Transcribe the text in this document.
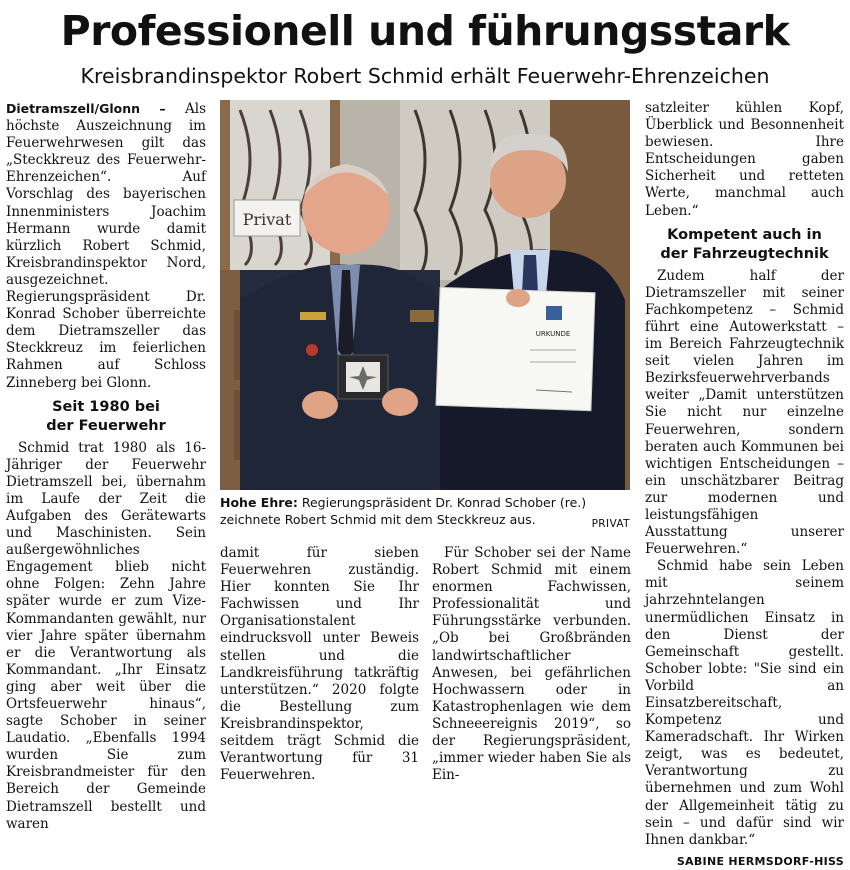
Professionell und führungsstark
Kreisbrandinspektor Robert Schmid erhält Feuerwehr-Ehrenzeichen

Dietramszell/Glonn – Als höchste Auszeichnung im Feuerwehrwesen gilt das „Steckkreuz des Feuerwehr-Ehrenzeichen“. Auf Vorschlag des bayerischen Innenministers Joachim Hermann wurde damit kürzlich Robert Schmid, Kreisbrandinspektor Nord, ausgezeichnet. Regierungspräsident Dr. Konrad Schober überreichte dem Dietramszeller das Steckkreuz im feierlichen Rahmen auf Schloss Zinneberg bei Glonn.

Seit 1980 bei
der Feuerwehr

Schmid trat 1980 als 16-Jähriger der Feuerwehr Dietramszell bei, übernahm im Laufe der Zeit die Aufgaben des Gerätewarts und Maschinisten. Sein außergewöhnliches Engagement blieb nicht ohne Folgen: Zehn Jahre später wurde er zum Vize-Kommandanten gewählt, nur vier Jahre später übernahm er die Verantwortung als Kommandant. „Ihr Einsatz ging aber weit über die Ortsfeuerwehr hinaus“, sagte Schober in seiner Laudatio. „Ebenfalls 1994 wurden Sie zum Kreisbrandmeister für den Bereich der Gemeinde Dietramszell bestellt und waren

Privat
URKUNDE
Hohe Ehre: Regierungspräsident Dr. Konrad Schober (re.) zeichnete Robert Schmid mit dem Steckkreuz aus.	PRIVAT

damit für sieben Feuerwehren zuständig. Hier konnten Sie Ihr Fachwissen und Ihr Organisationstalent eindrucksvoll unter Beweis stellen und die Landkreisführung tatkräftig unterstützen.“ 2020 folgte die Bestellung zum Kreisbrandinspektor, seitdem trägt Schmid die Verantwortung für 31 Feuerwehren.

Für Schober sei der Name Robert Schmid mit einem enormen Fachwissen, Professionalität und Führungsstärke verbunden. „Ob bei Großbränden landwirtschaftlicher Anwesen, bei gefährlichen Hochwassern oder in Katastrophenlagen wie dem Schneeereignis 2019“, so der Regierungspräsident, „immer wieder haben Sie als Ein-

satzleiter kühlen Kopf, Überblick und Besonnenheit bewiesen. Ihre Entscheidungen gaben Sicherheit und retteten Werte, manchmal auch Leben.“

Kompetent auch in
der Fahrzeugtechnik

Zudem half der Dietramszeller mit seiner Fachkompetenz – Schmid führt eine Autowerkstatt – im Bereich Fahrzeugtechnik seit vielen Jahren im Bezirksfeuerwehrverbands weiter „Damit unterstützen Sie nicht nur einzelne Feuerwehren, sondern beraten auch Kommunen bei wichtigen Entscheidungen – ein unschätzbarer Beitrag zur modernen und leistungsfähigen Ausstattung unserer Feuerwehren.“

Schmid habe sein Leben mit seinem jahrzehntelangen unermüdlichen Einsatz in den Dienst der Gemeinschaft gestellt. Schober lobte: "Sie sind ein Vorbild an Einsatzbereitschaft, Kompetenz und Kameradschaft. Ihr Wirken zeigt, was es bedeutet, Verantwortung zu übernehmen und zum Wohl der Allgemeinheit tätig zu sein – und dafür sind wir Ihnen dankbar.“

SABINE HERMSDORF-HISS
